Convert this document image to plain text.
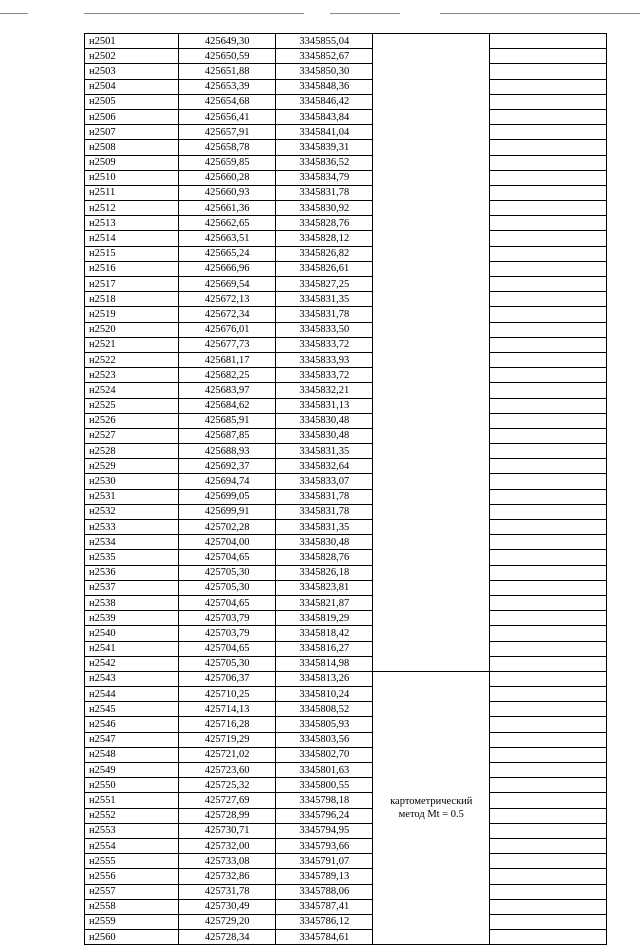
н2501	425649,30	3345855,04		
н2502	425650,59	3345852,67		
н2503	425651,88	3345850,30		
н2504	425653,39	3345848,36		
н2505	425654,68	3345846,42		
н2506	425656,41	3345843,84		
н2507	425657,91	3345841,04		
н2508	425658,78	3345839,31		
н2509	425659,85	3345836,52		
н2510	425660,28	3345834,79		
н2511	425660,93	3345831,78		
н2512	425661,36	3345830,92		
н2513	425662,65	3345828,76		
н2514	425663,51	3345828,12		
н2515	425665,24	3345826,82		
н2516	425666,96	3345826,61		
н2517	425669,54	3345827,25		
н2518	425672,13	3345831,35		
н2519	425672,34	3345831,78		
н2520	425676,01	3345833,50		
н2521	425677,73	3345833,72		
н2522	425681,17	3345833,93		
н2523	425682,25	3345833,72		
н2524	425683,97	3345832,21		
н2525	425684,62	3345831,13		
н2526	425685,91	3345830,48		
н2527	425687,85	3345830,48		
н2528	425688,93	3345831,35		
н2529	425692,37	3345832,64		
н2530	425694,74	3345833,07		
н2531	425699,05	3345831,78		
н2532	425699,91	3345831,78		
н2533	425702,28	3345831,35		
н2534	425704,00	3345830,48		
н2535	425704,65	3345828,76		
н2536	425705,30	3345826,18		
н2537	425705,30	3345823,81		
н2538	425704,65	3345821,87		
н2539	425703,79	3345819,29		
н2540	425703,79	3345818,42		
н2541	425704,65	3345816,27		
н2542	425705,30	3345814,98		
н2543	425706,37	3345813,26	картометрический
метод Mt = 0.5	

н2544	425710,25	3345810,24		
н2545	425714,13	3345808,52		
н2546	425716,28	3345805,93		
н2547	425719,29	3345803,56		
н2548	425721,02	3345802,70		
н2549	425723,60	3345801,63		
н2550	425725,32	3345800,55		
н2551	425727,69	3345798,18		
н2552	425728,99	3345796,24		
н2553	425730,71	3345794,95		
н2554	425732,00	3345793,66		
н2555	425733,08	3345791,07		
н2556	425732,86	3345789,13		
н2557	425731,78	3345788,06		
н2558	425730,49	3345787,41		
н2559	425729,20	3345786,12		
н2560	425728,34	3345784,61		
